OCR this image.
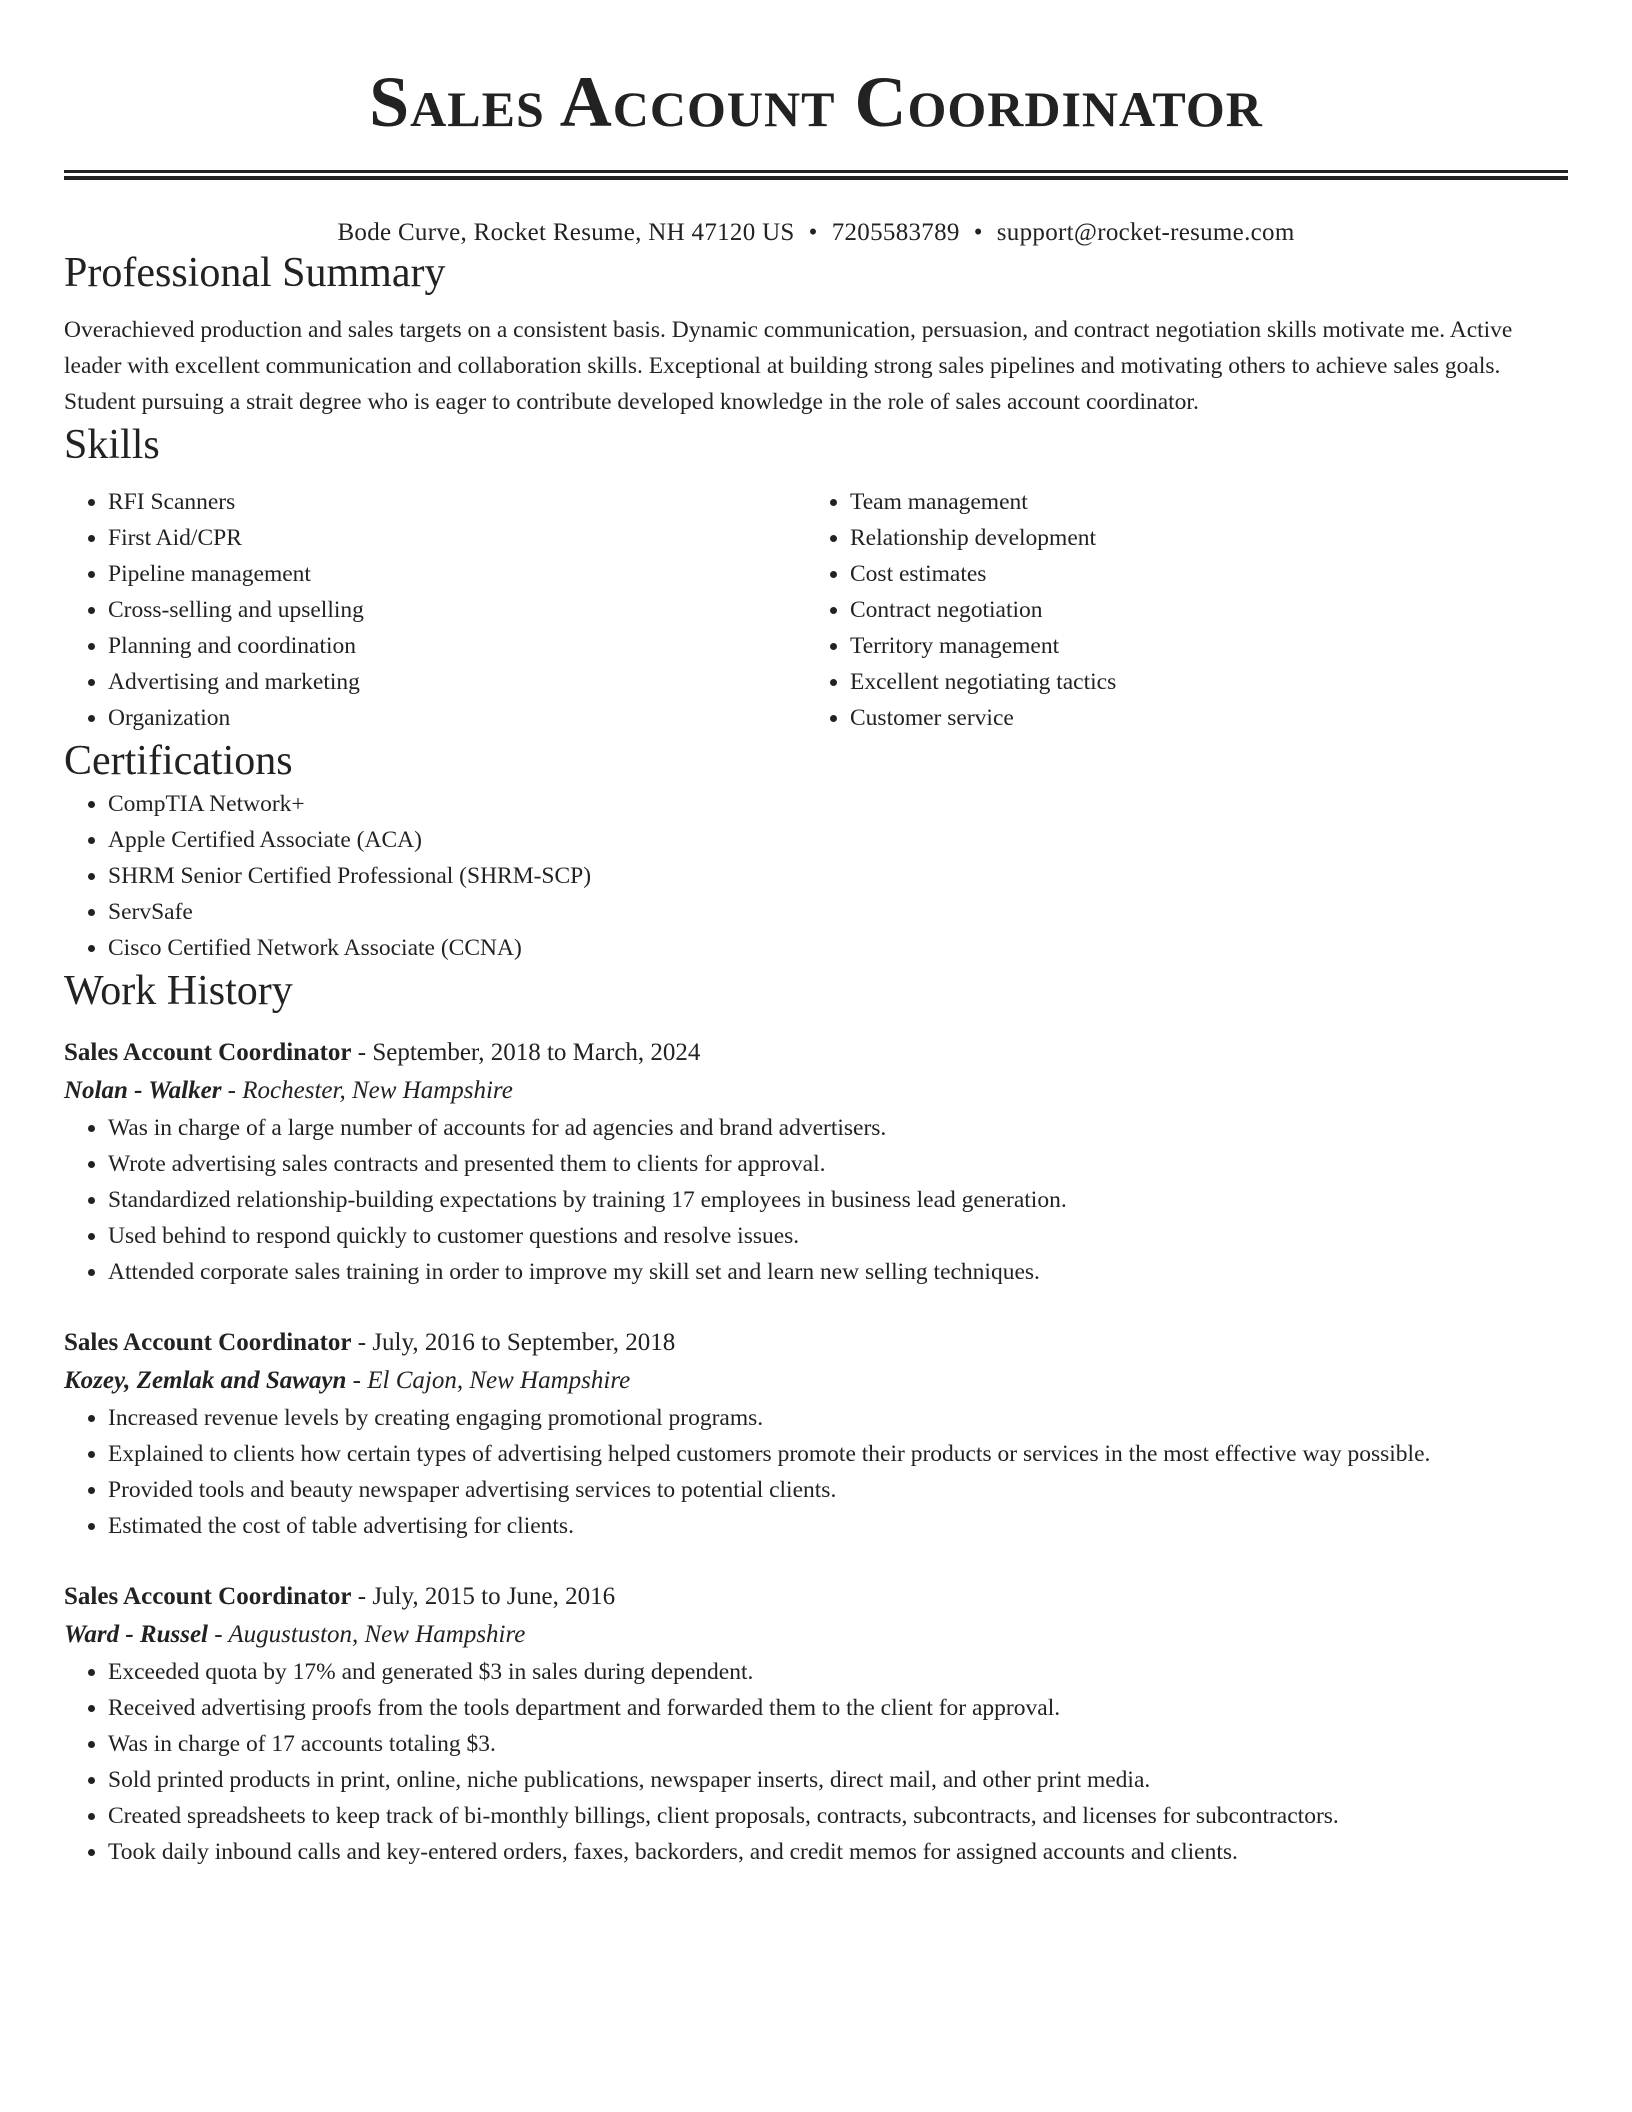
Sales Account Coordinator
Bode Curve, Rocket Resume, NH 47120 US • 7205583789 • support@rocket-resume.com
Professional Summary

Overachieved production and sales targets on a consistent basis. Dynamic communication, persuasion, and contract negotiation skills motivate me. Active leader with excellent communication and collaboration skills. Exceptional at building strong sales pipelines and motivating others to achieve sales goals. Student pursuing a strait degree who is eager to contribute developed knowledge in the role of sales account coordinator.

Skills
• RFI Scanners
• First Aid/CPR
• Pipeline management
• Cross-selling and upselling
• Planning and coordination
• Advertising and marketing
• Organization
• Team management
• Relationship development
• Cost estimates
• Contract negotiation
• Territory management
• Excellent negotiating tactics
• Customer service
Certifications
• CompTIA Network+
• Apple Certified Associate (ACA)
• SHRM Senior Certified Professional (SHRM-SCP)
• ServSafe
• Cisco Certified Network Associate (CCNA)
Work History
Sales Account Coordinator - September, 2018 to March, 2024
Nolan - Walker - Rochester, New Hampshire
• Was in charge of a large number of accounts for ad agencies and brand advertisers.
• Wrote advertising sales contracts and presented them to clients for approval.
• Standardized relationship-building expectations by training 17 employees in business lead generation.
• Used behind to respond quickly to customer questions and resolve issues.
• Attended corporate sales training in order to improve my skill set and learn new selling techniques.
Sales Account Coordinator - July, 2016 to September, 2018
Kozey, Zemlak and Sawayn - El Cajon, New Hampshire
• Increased revenue levels by creating engaging promotional programs.
• Explained to clients how certain types of advertising helped customers promote their products or services in the most effective way possible.
• Provided tools and beauty newspaper advertising services to potential clients.
• Estimated the cost of table advertising for clients.
Sales Account Coordinator - July, 2015 to June, 2016
Ward - Russel - Augustuston, New Hampshire
• Exceeded quota by 17% and generated $3 in sales during dependent.
• Received advertising proofs from the tools department and forwarded them to the client for approval.
• Was in charge of 17 accounts totaling $3.
• Sold printed products in print, online, niche publications, newspaper inserts, direct mail, and other print media.
• Created spreadsheets to keep track of bi-monthly billings, client proposals, contracts, subcontracts, and licenses for subcontractors.
• Took daily inbound calls and key-entered orders, faxes, backorders, and credit memos for assigned accounts and clients.
